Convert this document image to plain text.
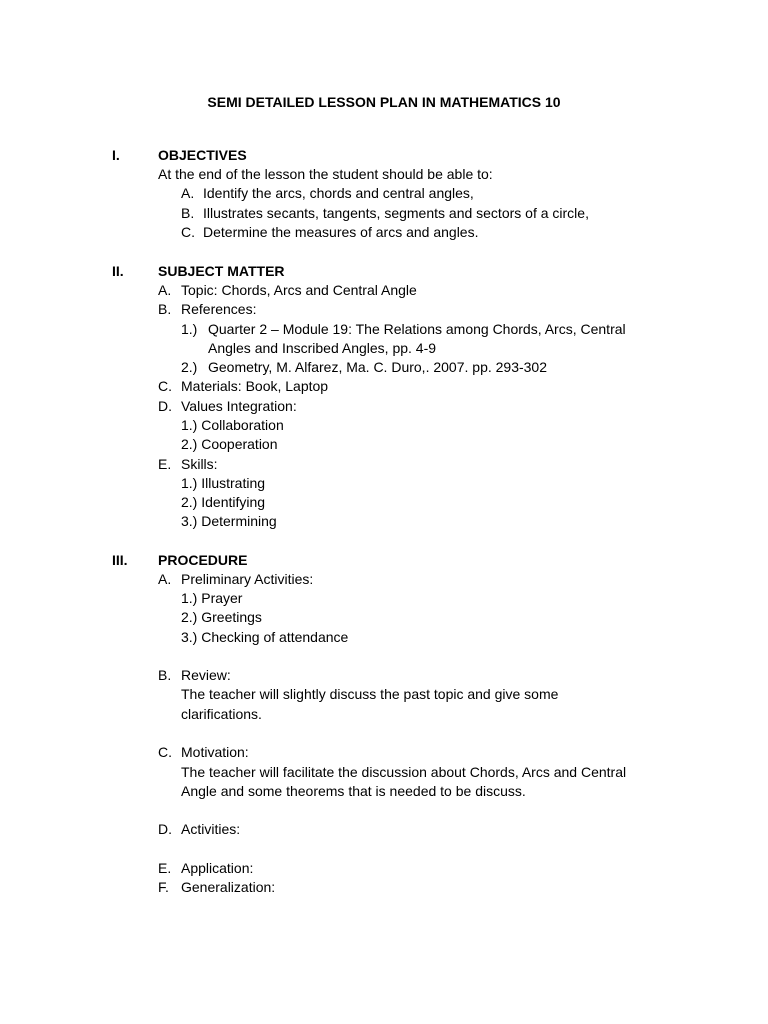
SEMI DETAILED LESSON PLAN IN MATHEMATICS 10
I.	OBJECTIVES
At the end of the lesson the student should be able to:
A. Identify the arcs, chords and central angles,
B. Illustrates secants, tangents, segments and sectors of a circle,
C. Determine the measures of arcs and angles.
II. SUBJECT MATTER
A. Topic: Chords, Arcs and Central Angle
B. References:
1.) Quarter 2 – Module 19: The Relations among Chords, Arcs, Central
Angles and Inscribed Angles, pp. 4-9
2.) Geometry, M. Alfarez, Ma. C. Duro,. 2007. pp. 293-302
C. Materials: Book, Laptop
D. Values Integration:
1.) Collaboration
2.) Cooperation
E. Skills:
1.) Illustrating
2.) Identifying
3.) Determining
III. PROCEDURE
A. Preliminary Activities:
1.) Prayer
2.) Greetings
3.) Checking of attendance
B. Review:
The teacher will slightly discuss the past topic and give some
clarifications.
C. Motivation:
The teacher will facilitate the discussion about Chords, Arcs and Central
Angle and some theorems that is needed to be discuss.
D. Activities:
E. Application:
F. Generalization:
